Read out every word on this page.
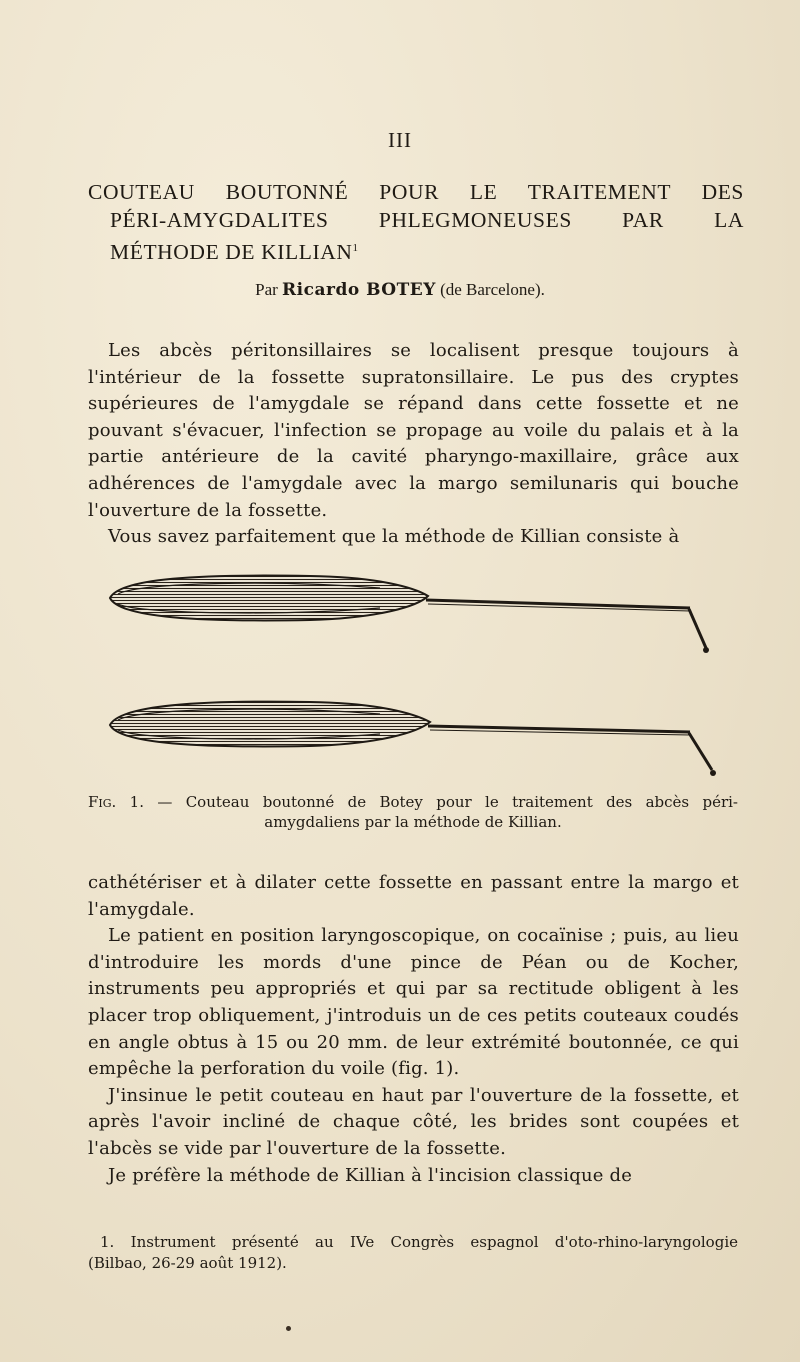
III
COUTEAU BOUTONNÉ POUR LE TRAITEMENT DES
PÉRI-AMYGDALITES PHLEGMONEUSES PAR LA
MÉTHODE DE KILLIAN$^1$
Par Ricardo BOTEY (de Barcelone).

Les abcès péritonsillaires se localisent presque toujours à l'intérieur de la fossette supratonsillaire. Le pus des cryptes supérieures de l'amygdale se répand dans cette fossette et ne pouvant s'évacuer, l'infection se propage au voile du palais et à la partie antérieure de la cavité pharyngo-maxillaire, grâce aux adhérences de l'amygdale avec la margo semilunaris qui bouche l'ouverture de la fossette.

Vous savez parfaitement que la méthode de Killian consiste à

Fig. 1. — Couteau boutonné de Botey pour le traitement des abcès péri-
amygdaliens par la méthode de Killian.

cathétériser et à dilater cette fossette en passant entre la margo et l'amygdale.

Le patient en position laryngoscopique, on cocaïnise ; puis, au lieu d'introduire les mords d'une pince de Péan ou de Kocher, instruments peu appropriés et qui par sa rectitude obligent à les placer trop obliquement, j'introduis un de ces petits couteaux coudés en angle obtus à 15 ou 20 mm. de leur extrémité boutonnée, ce qui empêche la perforation du voile (fig. 1).

J'insinue le petit couteau en haut par l'ouverture de la fossette, et après l'avoir incliné de chaque côté, les brides sont coupées et l'abcès se vide par l'ouverture de la fossette.

Je préfère la méthode de Killian à l'incision classique de

1. Instrument présenté au IVe Congrès espagnol d'oto-rhino-laryngologie
(Bilbao, 26-29 août 1912).
